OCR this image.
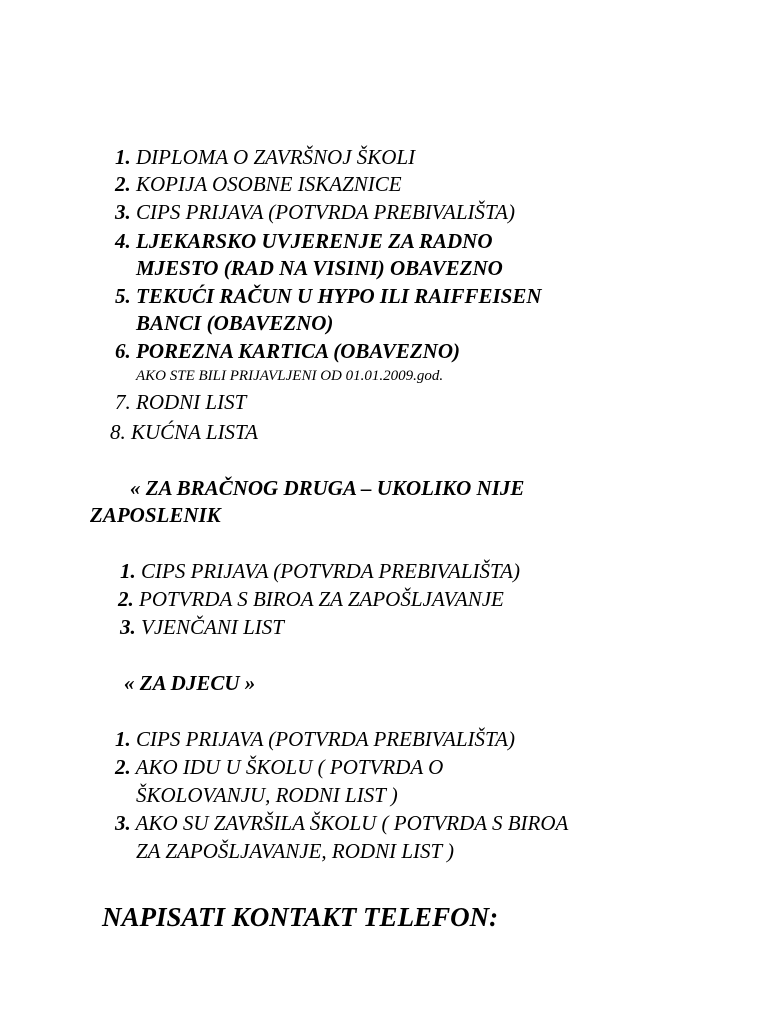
1. DIPLOMA O ZAVRŠNOJ ŠKOLI
2. KOPIJA OSOBNE ISKAZNICE
3. CIPS PRIJAVA (POTVRDA PREBIVALIŠTA)
4. LJEKARSKO UVJERENJE ZA RADNO
MJESTO (RAD NA VISINI) OBAVEZNO
5. TEKUĆI RAČUN U HYPO ILI RAIFFEISEN
BANCI (OBAVEZNO)
6. POREZNA KARTICA (OBAVEZNO)
AKO STE BILI PRIJAVLJENI OD 01.01.2009.god.
7. RODNI LIST
8. KUĆNA LISTA
« ZA BRAČNOG DRUGA – UKOLIKO NIJE
ZAPOSLENIK
1. CIPS PRIJAVA (POTVRDA PREBIVALIŠTA)
2. POTVRDA S BIROA ZA ZAPOŠLJAVANJE
3. VJENČANI LIST
« ZA DJECU »
1. CIPS PRIJAVA (POTVRDA PREBIVALIŠTA)
2. AKO IDU U ŠKOLU ( POTVRDA O
ŠKOLOVANJU, RODNI LIST )
3. AKO SU ZAVRŠILA ŠKOLU ( POTVRDA S BIROA
ZA ZAPOŠLJAVANJE, RODNI LIST )
NAPISATI KONTAKT TELEFON:
